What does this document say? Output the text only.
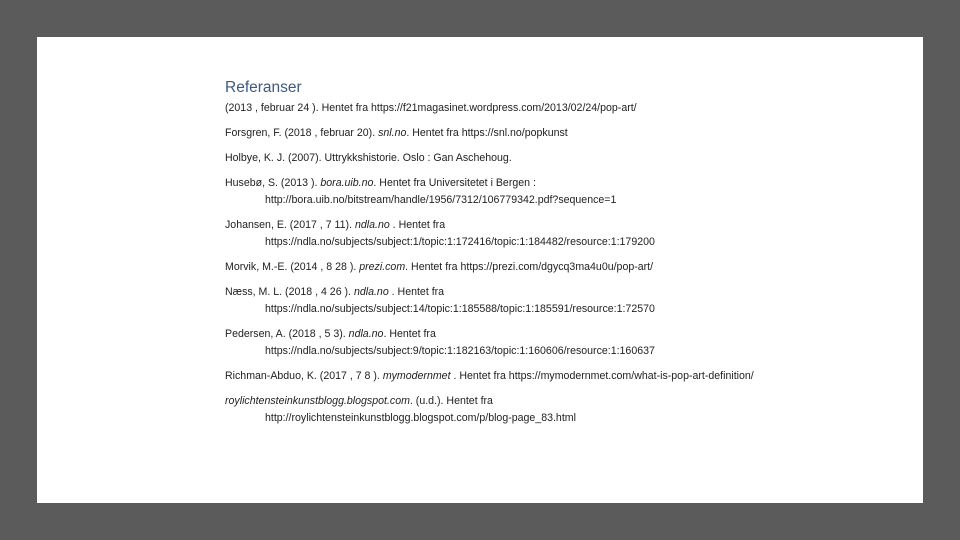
Referanser

(2013 , februar 24 ). Hentet fra https://f21magasinet.wordpress.com/2013/02/24/pop-art/

Forsgren, F. (2018 , februar 20). snl.no. Hentet fra https://snl.no/popkunst

Holbye, K. J. (2007). Uttrykkshistorie. Oslo : Gan Aschehoug.

Husebø, S. (2013 ). bora.uib.no. Hentet fra Universitetet i Bergen :
http://bora.uib.no/bitstream/handle/1956/7312/106779342.pdf?sequence=1

Johansen, E. (2017 , 7 11). ndla.no . Hentet fra
https://ndla.no/subjects/subject:1/topic:1:172416/topic:1:184482/resource:1:179200

Morvik, M.-E. (2014 , 8 28 ). prezi.com. Hentet fra https://prezi.com/dgycq3ma4u0u/pop-art/

Næss, M. L. (2018 , 4 26 ). ndla.no . Hentet fra
https://ndla.no/subjects/subject:14/topic:1:185588/topic:1:185591/resource:1:72570

Pedersen, A. (2018 , 5 3). ndla.no. Hentet fra
https://ndla.no/subjects/subject:9/topic:1:182163/topic:1:160606/resource:1:160637

Richman-Abduo, K. (2017 , 7 8 ). mymodernmet . Hentet fra https://mymodernmet.com/what-is-pop-art-definition/

roylichtensteinkunstblogg.blogspot.com. (u.d.). Hentet fra
http://roylichtensteinkunstblogg.blogspot.com/p/blog-page_83.html
